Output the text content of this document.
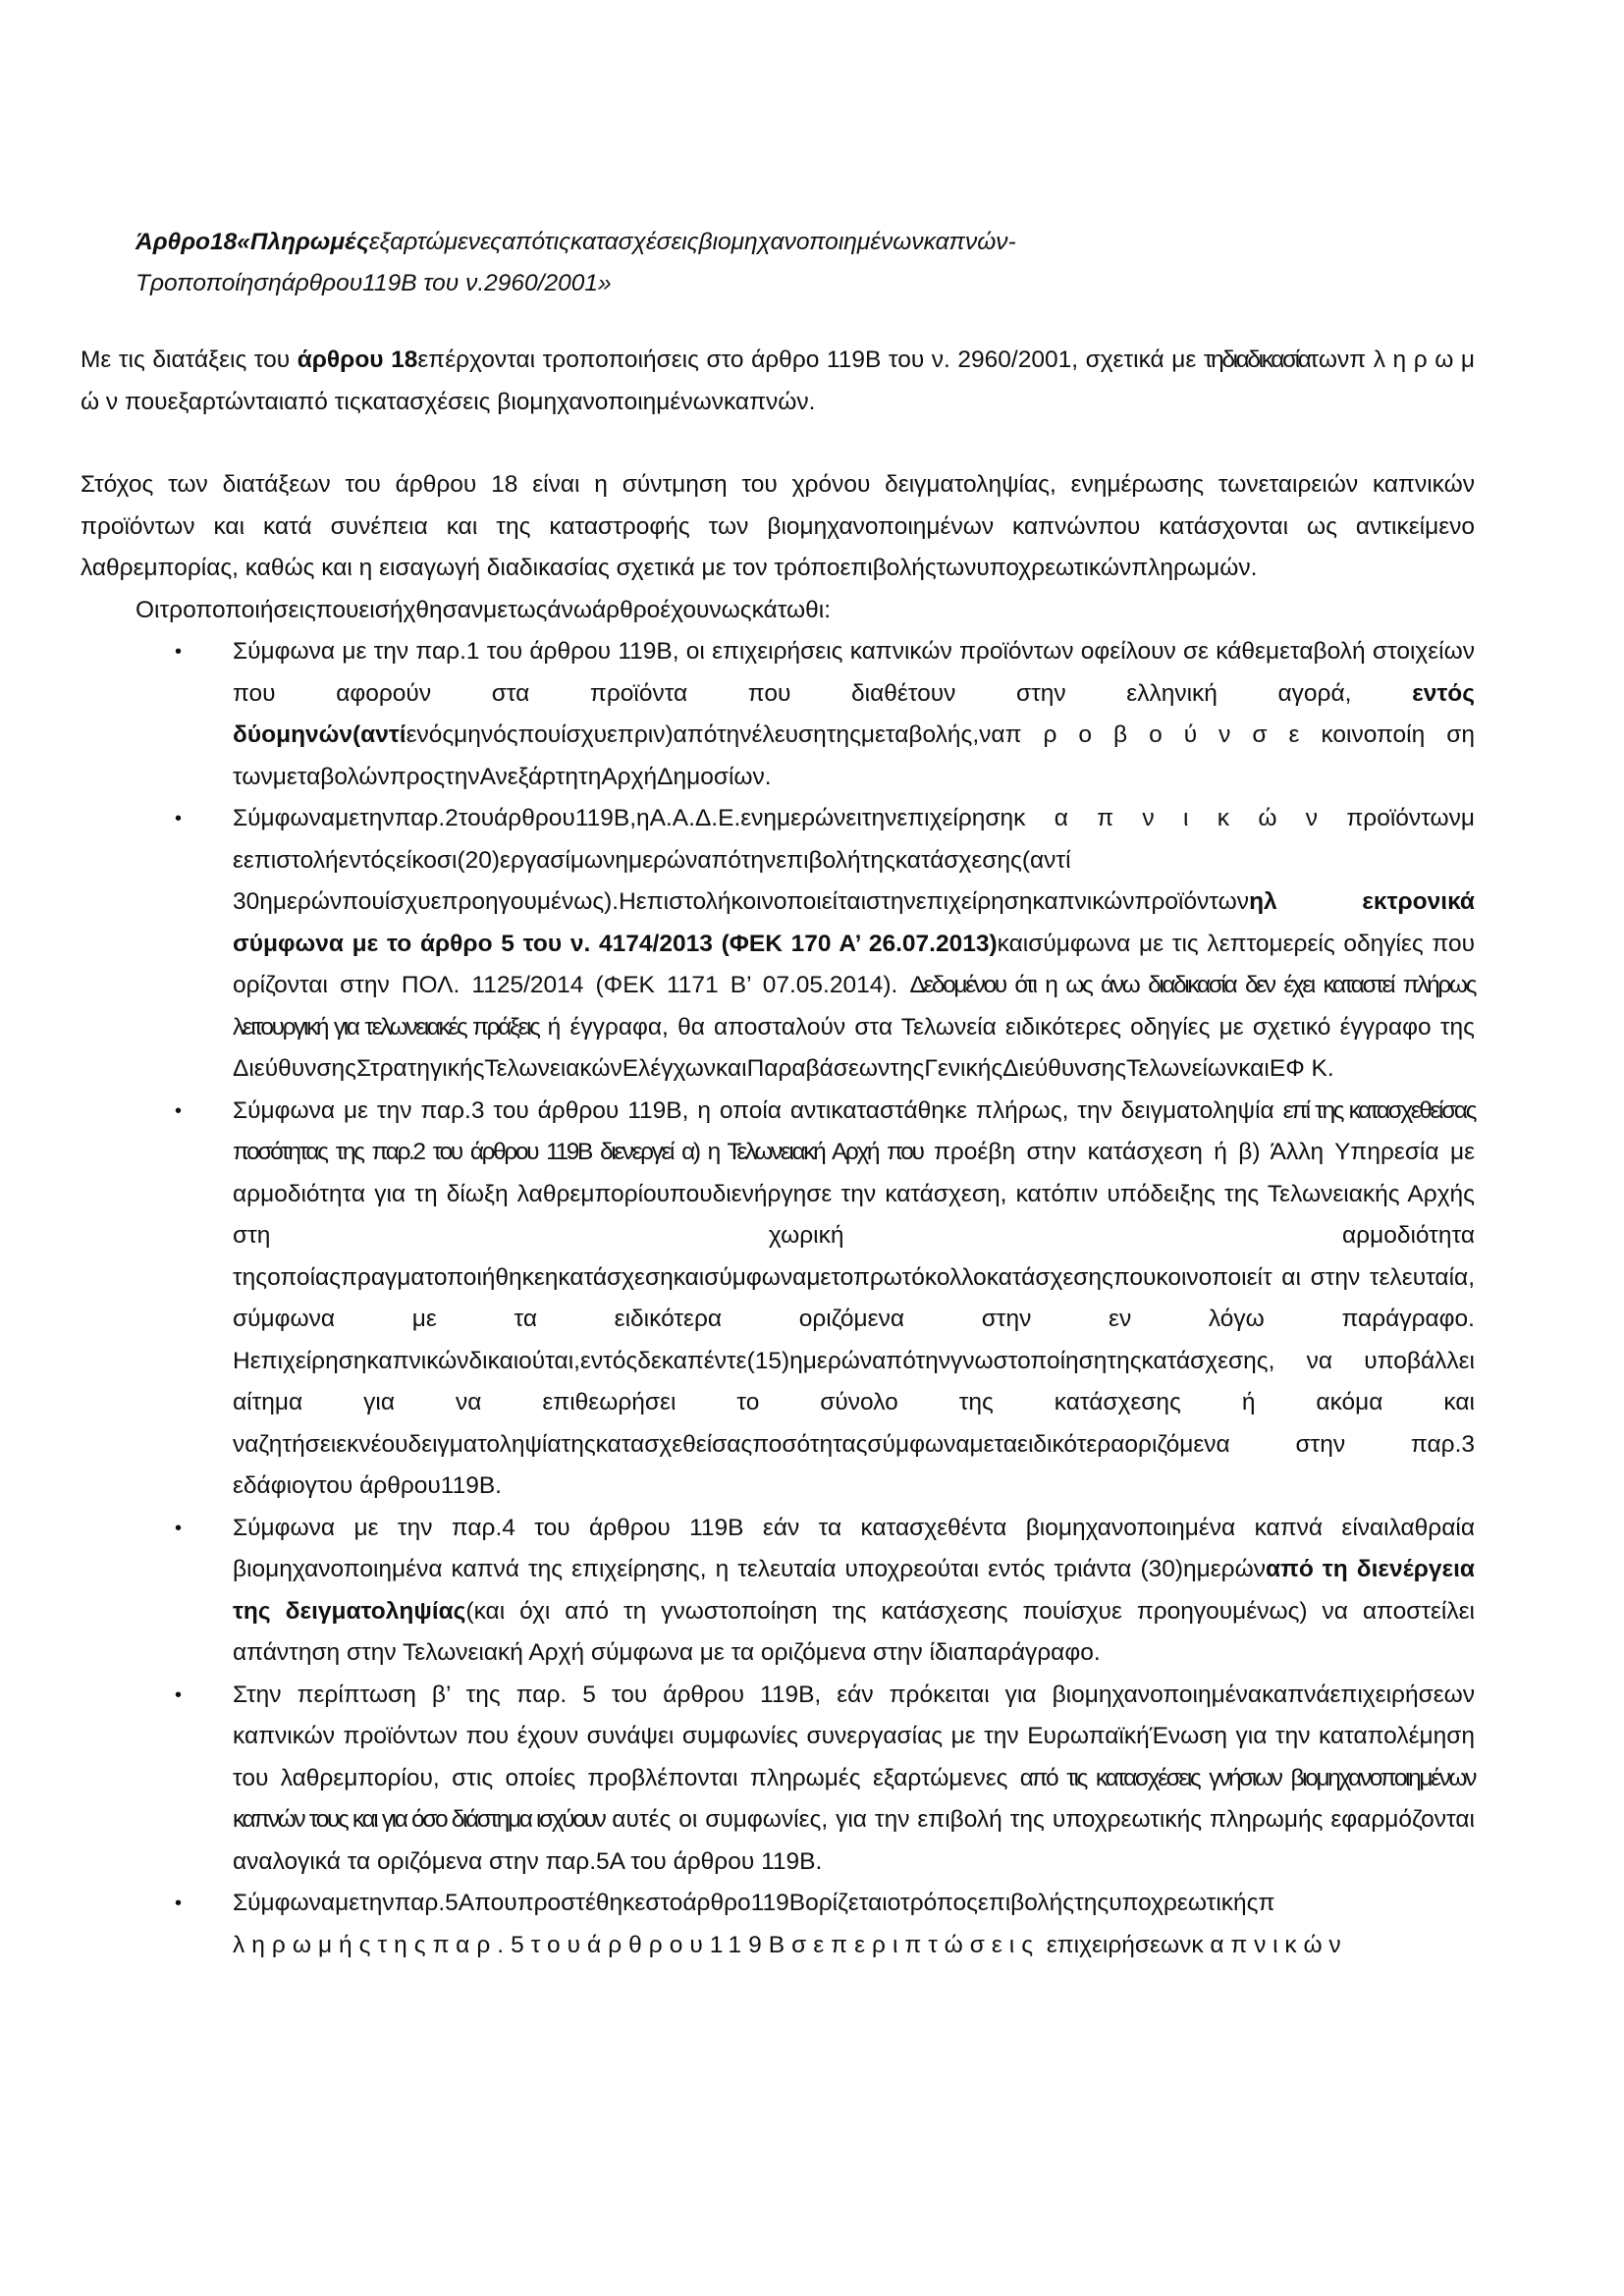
Άρθρο18«Πληρωμέςεξαρτώμενεςαπότιςκατασχέσειςβιομηχανοποιημένωνκαπνών-
Τροποποίησηάρθρου119Β του ν.2960/2001»

Με τις διατάξεις του άρθρου 18επέρχονται τροποποιήσεις στο άρθρο 119Β του ν. 2960/2001, σχετικά με τηδιαδικασίατωνπ λ η ρ ω μ ώ ν πουεξαρτώνταιαπό τιςκατασχέσεις βιομηχανοποιημένωνκαπνών.

Στόχος των διατάξεων του άρθρου 18 είναι η σύντμηση του χρόνου δειγματοληψίας, ενημέρωσης τωνεταιρειών καπνικών προϊόντων και κατά συνέπεια και της καταστροφής των βιομηχανοποιημένων καπνώνπου κατάσχονται ως αντικείμενο λαθρεμπορίας, καθώς και η εισαγωγή διαδικασίας σχετικά με τον τρόποεπιβολήςτωνυποχρεωτικώνπληρωμών.

Οιτροποποιήσειςπουεισήχθησανμετωςάνωάρθροέχουνωςκάτωθι:

• Σύμφωνα με την παρ.1 του άρθρου 119Β, οι επιχειρήσεις καπνικών προϊόντων οφείλουν σε κάθεμεταβολή στοιχείων που αφορούν στα προϊόντα που διαθέτουν στην ελληνική αγορά, εντός δύομηνών(αντίενόςμηνόςπουίσχυεπριν)απότηνέλευσητηςμεταβολής,ναπ ρ ο β ο ύ ν σ ε κοινοποίη ση τωνμεταβολώνπροςτηνΑνεξάρτητηΑρχήΔημοσίων.
• Σύμφωναμετηνπαρ.2τουάρθρου119Β,ηΑ.Α.Δ.Ε.ενημερώνειτηνεπιχείρησηκ α π ν ι κ ώ ν προϊόντωνμ εεπιστολήεντόςείκοσι(20)εργασίμωνημερώναπότηνεπιβολήτηςκατάσχεσης(αντί 30ημερώνπουίσχυεπροηγουμένως).Ηεπιστολήκοινοποιείταιστηνεπιχείρησηκαπνικώνπροϊόντωνηλ εκτρονικά σύμφωνα με το άρθρο 5 του ν. 4174/2013 (ΦΕΚ 170 Α’ 26.07.2013)καισύμφωνα με τις λεπτομερείς οδηγίες που ορίζονται στην ΠΟΛ. 1125/2014 (ΦΕΚ 1171 Β’ 07.05.2014). Δεδομένου ότι η ως άνω διαδικασία δεν έχει καταστεί πλήρως λειτουργική για τελωνειακές πράξεις ή έγγραφα, θα αποσταλούν στα Τελωνεία ειδικότερες οδηγίες με σχετικό έγγραφο της ΔιεύθυνσηςΣτρατηγικήςΤελωνειακώνΕλέγχωνκαιΠαραβάσεωντηςΓενικήςΔιεύθυνσηςΤελωνείωνκαιΕΦ Κ.
• Σύμφωνα με την παρ.3 του άρθρου 119Β, η οποία αντικαταστάθηκε πλήρως, την δειγματοληψία επί της κατασχεθείσας ποσότητας της παρ.2 του άρθρου 119Β διενεργεί α) η Τελωνειακή Αρχή που προέβη στην κατάσχεση ή β) Άλλη Υπηρεσία με αρμοδιότητα για τη δίωξη λαθρεμπορίουπουδιενήργησε την κατάσχεση, κατόπιν υπόδειξης της Τελωνειακής Αρχής στη χωρική αρμοδιότητα τηςοποίαςπραγματοποιήθηκεηκατάσχεσηκαισύμφωναμετοπρωτόκολλοκατάσχεσηςπουκοινοποιείτ αι στην τελευταία, σύμφωνα με τα ειδικότερα οριζόμενα στην εν λόγω παράγραφο. Ηεπιχείρησηκαπνικώνδικαιούται,εντόςδεκαπέντε(15)ημερώναπότηνγνωστοποίησητηςκατάσχεσης, να υποβάλλει αίτημα για να επιθεωρήσει το σύνολο της κατάσχεσης ή ακόμα και ναζητήσειεκνέουδειγματοληψίατηςκατασχεθείσαςποσότηταςσύμφωναμεταειδικότεραοριζόμενα στην παρ.3 εδάφιογτου άρθρου119Β.
• Σύμφωνα με την παρ.4 του άρθρου 119Β εάν τα κατασχεθέντα βιομηχανοποιημένα καπνά είναιλαθραία βιομηχανοποιημένα καπνά της επιχείρησης, η τελευταία υποχρεούται εντός τριάντα (30)ημερώναπό τη διενέργεια της δειγματοληψίας(και όχι από τη γνωστοποίηση της κατάσχεσης πουίσχυε προηγουμένως) να αποστείλει απάντηση στην Τελωνειακή Αρχή σύμφωνα με τα οριζόμενα στην ίδιαπαράγραφο.
• Στην περίπτωση β’ της παρ. 5 του άρθρου 119Β, εάν πρόκειται για βιομηχανοποιημένακαπνάεπιχειρήσεων καπνικών προϊόντων που έχουν συνάψει συμφωνίες συνεργασίας με την ΕυρωπαϊκήΈνωση για την καταπολέμηση του λαθρεμπορίου, στις οποίες προβλέπονται πληρωμές εξαρτώμενες από τις κατασχέσεις γνήσιων βιομηχανοποιημένων καπνών τους και για όσο διάστημα ισχύουν αυτές οι συμφωνίες, για την επιβολή της υποχρεωτικής πληρωμής εφαρμόζονται αναλογικά τα οριζόμενα στην παρ.5Α του άρθρου 119Β.
• Σύμφωναμετηνπαρ.5Απουπροστέθηκεστοάρθρο119Βορίζεταιοτρόποςεπιβολήςτηςυποχρεωτικήςπ ληρωμήςτηςπαρ.5τουάρθρου119Βσεπεριπτώσεις επιχειρήσεωνκ α π ν ι κ ώ ν
